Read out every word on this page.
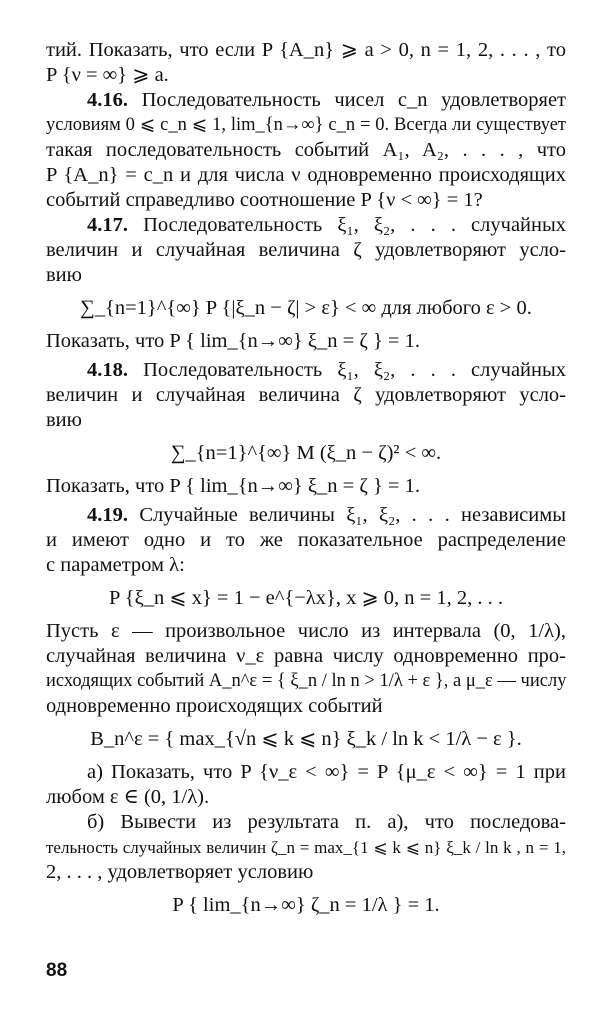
тий. Показать, что если P {A_n} ⩾ a > 0, n = 1, 2, . . . , то
P {ν = ∞} ⩾ a.

  4.16. Последовательность чисел c_n удовлетворяет
условиям 0 ⩽ c_n ⩽ 1, lim_{n→∞} c_n = 0. Всегда ли существует
такая последовательность событий A₁, A₂, . . . , что
P {A_n} = c_n и для числа ν одновременно происходящих
событий справедливо соотношение P {ν < ∞} = 1?

  4.17. Последовательность ξ₁, ξ₂, . . . случайных
величин и случайная величина ζ удовлетворяют усло-
вию

∑_{n=1}^{∞} P {|ξ_n − ζ| > ε} < ∞ для любого ε > 0.

Показать, что P { lim_{n→∞} ξ_n = ζ } = 1.

  4.18. Последовательность ξ₁, ξ₂, . . . случайных
величин и случайная величина ζ удовлетворяют усло-
вию

∑_{n=1}^{∞} M (ξ_n − ζ)² < ∞.

Показать, что P { lim_{n→∞} ξ_n = ζ } = 1.

  4.19. Случайные величины ξ₁, ξ₂, . . . независимы
и имеют одно и то же показательное распределение
с параметром λ:

P {ξ_n ⩽ x} = 1 − e^{−λx}, x ⩾ 0, n = 1, 2, . . .

Пусть ε — произвольное число из интервала (0, 1/λ),
случайная величина ν_ε равна числу одновременно про-
исходящих событий A_n^ε = { ξ_n / ln n > 1/λ + ε }, а μ_ε — числу
одновременно происходящих событий

B_n^ε = { max_{√n ⩽ k ⩽ n} ξ_k / ln k < 1/λ − ε }.

  а) Показать, что P {ν_ε < ∞} = P {μ_ε < ∞} = 1 при
любом ε ∈ (0, 1/λ).

  б) Вывести из результата п. а), что последова-
тельность случайных величин ζ_n = max_{1 ⩽ k ⩽ n} ξ_k / ln k , n = 1,
2, . . . , удовлетворяет условию

P { lim_{n→∞} ζ_n = 1/λ } = 1.
88
